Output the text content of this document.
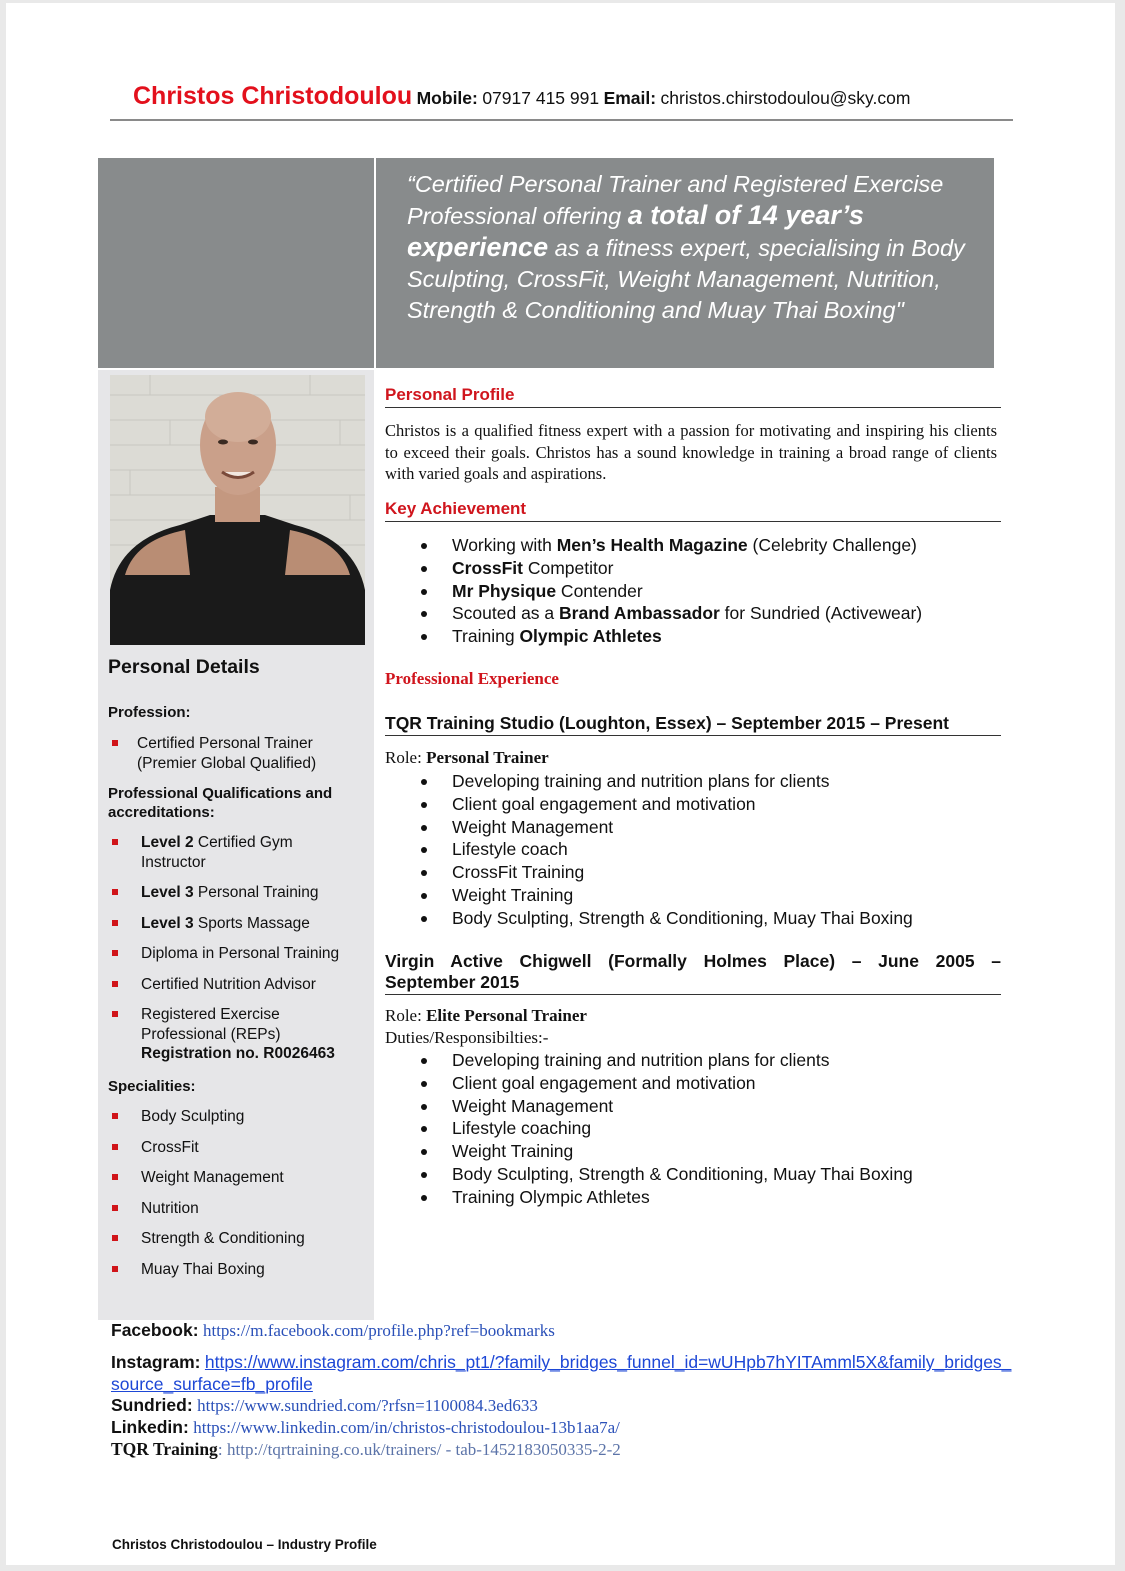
Christos Christodoulou Mobile: 07917 415 991 Email: christos.chirstodoulou@sky.com
“Certified Personal Trainer and Registered Exercise Professional offering a total of 14 year’s experience as a fitness expert, specialising in Body Sculpting, CrossFit, Weight Management, Nutrition, Strength & Conditioning and Muay Thai Boxing"
Personal Details
Profession:
Certified Personal Trainer (Premier Global Qualified)
Professional Qualifications and accreditations:
Level 2 Certified Gym Instructor
Level 3 Personal Training
Level 3 Sports Massage
Diploma in Personal Training
Certified Nutrition Advisor
Registered Exercise Professional (REPs)
Registration no. R0026463
Specialities:
Body Sculpting
CrossFit
Weight Management
Nutrition
Strength & Conditioning
Muay Thai Boxing
Personal Profile
Christos is a qualified fitness expert with a passion for motivating and inspiring his clients to exceed their goals. Christos has a sound knowledge in training a broad range of clients with varied goals and aspirations.
Key Achievement
Working with Men’s Health Magazine (Celebrity Challenge)
CrossFit Competitor
Mr Physique Contender
Scouted as a Brand Ambassador for Sundried (Activewear)
Training Olympic Athletes
Professional Experience
TQR Training Studio (Loughton, Essex) – September 2015 – Present
Role: Personal Trainer
Developing training and nutrition plans for clients
Client goal engagement and motivation
Weight Management
Lifestyle coach
CrossFit Training
Weight Training
Body Sculpting, Strength & Conditioning, Muay Thai Boxing
Virgin Active Chigwell (Formally Holmes Place) – June 2005 –
September 2015
Role: Elite Personal Trainer
Duties/Responsibilties:-
Developing training and nutrition plans for clients
Client goal engagement and motivation
Weight Management
Lifestyle coaching
Weight Training
Body Sculpting, Strength & Conditioning, Muay Thai Boxing
Training Olympic Athletes
Facebook: https://m.facebook.com/profile.php?ref=bookmarks
Instagram: https://www.instagram.com/chris_pt1/?family_bridges_funnel_id=wUHpb7hYITAmml5X&family_bridges_
source_surface=fb_profile
Sundried: https://www.sundried.com/?rfsn=1100084.3ed633
Linkedin: https://www.linkedin.com/in/christos-christodoulou-13b1aa7a/
TQR Training: http://tqrtraining.co.uk/trainers/ - tab-1452183050335-2-2
Christos Christodoulou – Industry Profile
